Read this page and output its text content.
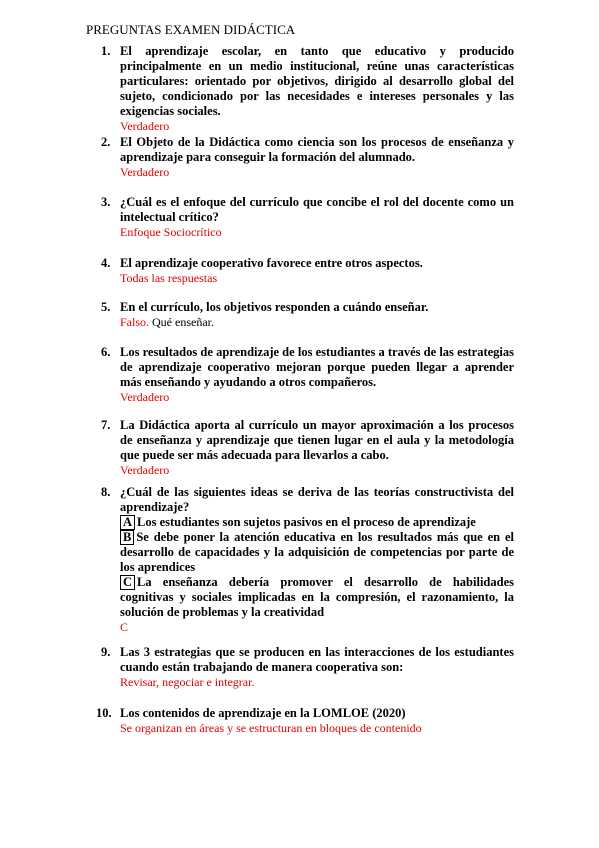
PREGUNTAS EXAMEN DIDÁCTICA
1. El aprendizaje escolar, en tanto que educativo y producido principalmente en un medio institucional, reúne unas características particulares: orientado por objetivos, dirigido al desarrollo global del sujeto, condicionado por las necesidades e intereses personales y las exigencias sociales.
Verdadero
2. El Objeto de la Didáctica como ciencia son los procesos de enseñanza y aprendizaje para conseguir la formación del alumnado.
Verdadero
3. ¿Cuál es el enfoque del currículo que concibe el rol del docente como un intelectual crítico?
Enfoque Sociocrítico
4. El aprendizaje cooperativo favorece entre otros aspectos.
Todas las respuestas
5. En el currículo, los objetivos responden a cuándo enseñar.
Falso. Qué enseñar.
6. Los resultados de aprendizaje de los estudiantes a través de las estrategias de aprendizaje cooperativo mejoran porque pueden llegar a aprender más enseñando y ayudando a otros compañeros.
Verdadero
7. La Didáctica aporta al currículo un mayor aproximación a los procesos de enseñanza y aprendizaje que tienen lugar en el aula y la metodología que puede ser más adecuada para llevarlos a cabo.
Verdadero
8. ¿Cuál de las siguientes ideas se deriva de las teorías constructivista del aprendizaje?
A Los estudiantes son sujetos pasivos en el proceso de aprendizaje
B Se debe poner la atención educativa en los resultados más que en el desarrollo de capacidades y la adquisición de competencias por parte de los aprendices
C La enseñanza debería promover el desarrollo de habilidades cognitivas y sociales implicadas en la compresión, el razonamiento, la solución de problemas y la creatividad
C
9. Las 3 estrategias que se producen en las interacciones de los estudiantes cuando están trabajando de manera cooperativa son:
Revisar, negociar e integrar.
10. Los contenidos de aprendizaje en la LOMLOE (2020)
Se organizan en áreas y se estructuran en bloques de contenido
